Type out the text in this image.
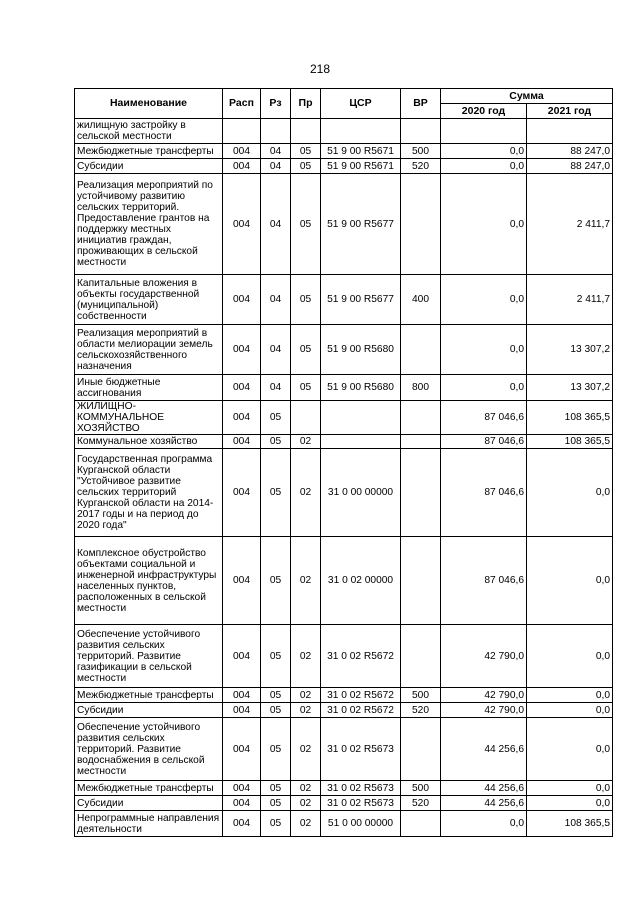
218
Наименование	Расп	Рз	Пр	ЦСР	ВР	Сумма	
						2020 год	2021 год
жилищную застройку в сельской местности							
Межбюджетные трансферты	004	04	05	51 9 00 R5671	500	0,0	88 247,0
Субсидии	004	04	05	51 9 00 R5671	520	0,0	88 247,0
Реализация мероприятий по устойчивому развитию сельских территорий. Предоставление грантов на поддержку местных инициатив граждан, проживающих в сельской местности	004	04	05	51 9 00 R5677		0,0	2 411,7
Капитальные вложения в объекты государственной (муниципальной) собственности	004	04	05	51 9 00 R5677	400	0,0	2 411,7
Реализация мероприятий в области мелиорации земель сельскохозяйственного назначения	004	04	05	51 9 00 R5680		0,0	13 307,2
Иные бюджетные ассигнования	004	04	05	51 9 00 R5680	800	0,0	13 307,2
ЖИЛИЩНО-КОММУНАЛЬНОЕ ХОЗЯЙСТВО	004	05				87 046,6	108 365,5
Коммунальное хозяйство	004	05	02			87 046,6	108 365,5
Государственная программа Курганской области "Устойчивое развитие сельских территорий Курганской области на 2014-2017 годы и на период до 2020 года"	004	05	02	31 0 00 00000		87 046,6	0,0
Комплексное обустройство объектами социальной и инженерной инфраструктуры населенных пунктов, расположенных в сельской местности	004	05	02	31 0 02 00000		87 046,6	0,0
Обеспечение устойчивого развития сельских территорий. Развитие газификации в сельской местности	004	05	02	31 0 02 R5672		42 790,0	0,0
Межбюджетные трансферты	004	05	02	31 0 02 R5672	500	42 790,0	0,0
Субсидии	004	05	02	31 0 02 R5672	520	42 790,0	0,0
Обеспечение устойчивого развития сельских территорий. Развитие водоснабжения в сельской местности	004	05	02	31 0 02 R5673		44 256,6	0,0
Межбюджетные трансферты	004	05	02	31 0 02 R5673	500	44 256,6	0,0
Субсидии	004	05	02	31 0 02 R5673	520	44 256,6	0,0
Непрограммные направления деятельности	004	05	02	51 0 00 00000		0,0	108 365,5
